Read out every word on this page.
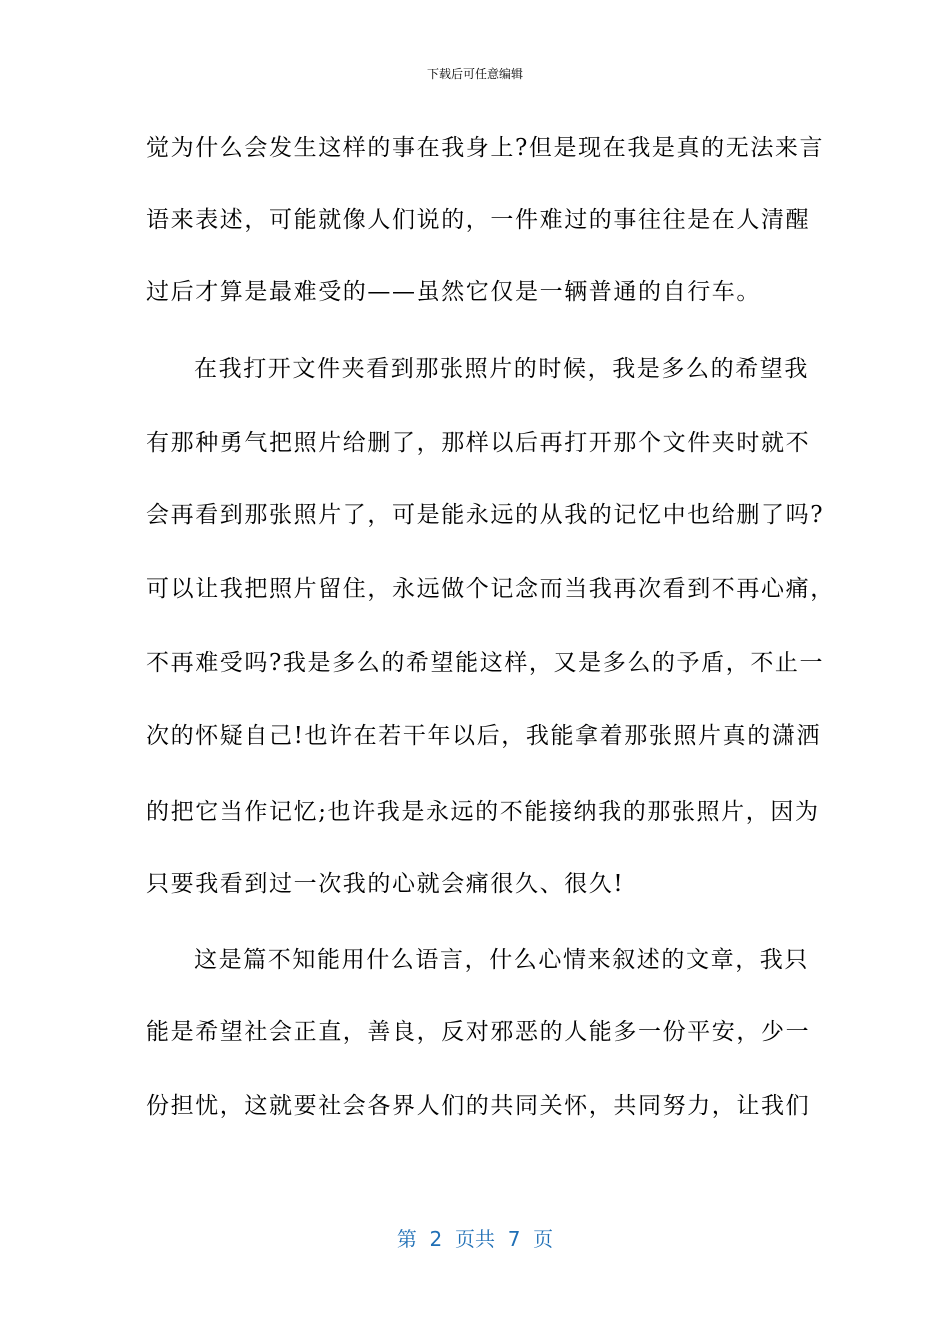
下载后可任意编辑
觉为什么会发生这样的事在我身上?但是现在我是真的无法来言
语来表述，可能就像人们说的，一件难过的事往往是在人清醒
过后才算是最难受的——虽然它仅是一辆普通的自行车。
在我打开文件夹看到那张照片的时候，我是多么的希望我
有那种勇气把照片给删了，那样以后再打开那个文件夹时就不
会再看到那张照片了，可是能永远的从我的记忆中也给删了吗?
可以让我把照片留住，永远做个记念而当我再次看到不再心痛，
不再难受吗?我是多么的希望能这样，又是多么的予盾，不止一
次的怀疑自己!也许在若干年以后，我能拿着那张照片真的潇洒
的把它当作记忆;也许我是永远的不能接纳我的那张照片，因为
只要我看到过一次我的心就会痛很久、很久!
这是篇不知能用什么语言，什么心情来叙述的文章，我只
能是希望社会正直，善良，反对邪恶的人能多一份平安，少一
份担忧，这就要社会各界人们的共同关怀，共同努力，让我们
第  2  页共  7  页
